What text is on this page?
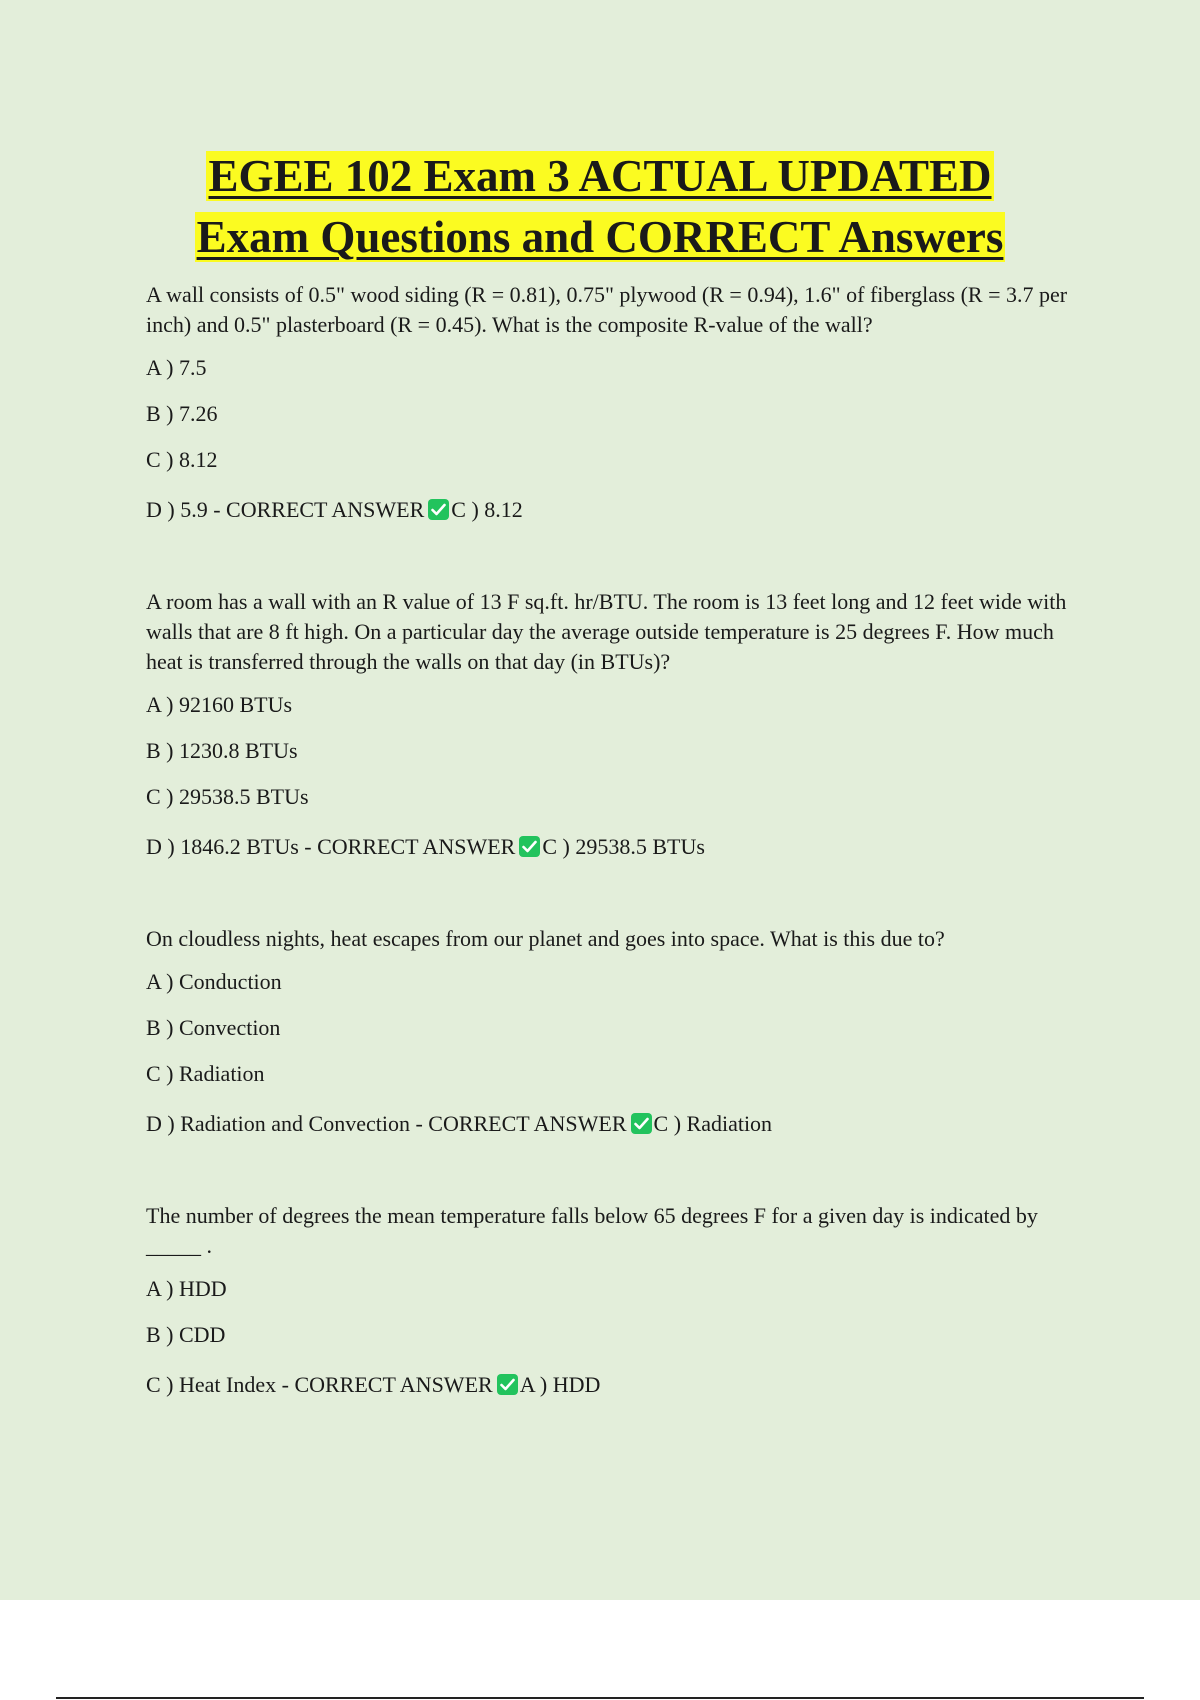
EGEE 102 Exam 3 ACTUAL UPDATED
Exam Questions and CORRECT Answers

A wall consists of 0.5" wood siding (R = 0.81), 0.75" plywood (R = 0.94), 1.6" of fiberglass (R = 3.7 per inch) and 0.5" plasterboard (R = 0.45). What is the composite R-value of the wall?

A ) 7.5

B ) 7.26

C ) 8.12

D ) 5.9 - CORRECT ANSWER C ) 8.12

A room has a wall with an R value of 13 F sq.ft. hr/BTU. The room is 13 feet long and 12 feet wide with walls that are 8 ft high. On a particular day the average outside temperature is 25 degrees F. How much heat is transferred through the walls on that day (in BTUs)?

A ) 92160 BTUs

B ) 1230.8 BTUs

C ) 29538.5 BTUs

D ) 1846.2 BTUs - CORRECT ANSWER C ) 29538.5 BTUs

On cloudless nights, heat escapes from our planet and goes into space. What is this due to?

A ) Conduction

B ) Convection

C ) Radiation

D ) Radiation and Convection - CORRECT ANSWER C ) Radiation

The number of degrees the mean temperature falls below 65 degrees F for a given day is indicated by _____ .

A ) HDD

B ) CDD

C ) Heat Index - CORRECT ANSWER A ) HDD
